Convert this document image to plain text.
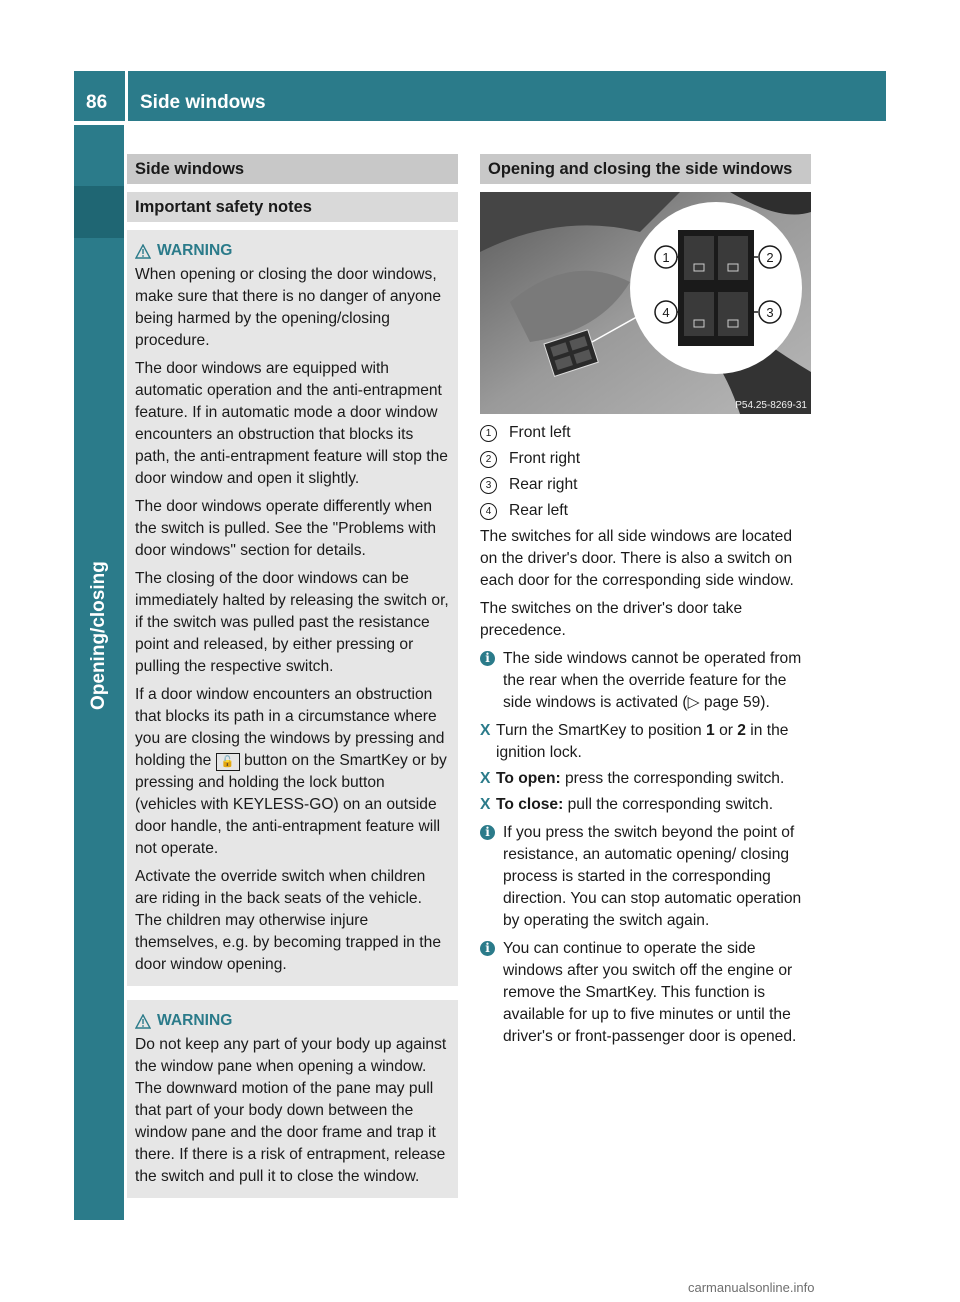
86 Side windows
Opening/closing
Side windows
Important safety notes
WARNING

When opening or closing the door windows, make sure that there is no danger of anyone being harmed by the opening/closing procedure.

The door windows are equipped with automatic operation and the anti-entrapment feature. If in automatic mode a door window encounters an obstruction that blocks its path, the anti-entrapment feature will stop the door window and open it slightly.

The door windows operate differently when the switch is pulled. See the "Problems with door windows" section for details.

The closing of the door windows can be immediately halted by releasing the switch or, if the switch was pulled past the resistance point and released, by either pressing or pulling the respective switch.

If a door window encounters an obstruction that blocks its path in a circumstance where you are closing the windows by pressing and holding the 🔓 button on the SmartKey or by pressing and holding the lock button (vehicles with KEYLESS-GO) on an outside door handle, the anti-entrapment feature will not operate.

Activate the override switch when children are riding in the back seats of the vehicle. The children may otherwise injure themselves, e.g. by becoming trapped in the door window opening.

WARNING

Do not keep any part of your body up against the window pane when opening a window. The downward motion of the pane may pull that part of your body down between the window pane and the door frame and trap it there. If there is a risk of entrapment, release the switch and pull it to close the window.

Opening and closing the side windows
1	2
3
4
P54.25-8269-31
1	Front left
2	Front right
3	Rear right
4	Rear left

The switches for all side windows are located on the driver's door. There is also a switch on each door for the corresponding side window.

The switches on the driver's door take precedence.

i The side windows cannot be operated from the rear when the override feature for the side windows is activated (▷ page 59).
X Turn the SmartKey to position 1 or 2 in the ignition lock.
X To open: press the corresponding switch.
X To close: pull the corresponding switch.
i If you press the switch beyond the point of resistance, an automatic opening/ closing process is started in the corresponding direction. You can stop automatic operation by operating the switch again.
i You can continue to operate the side windows after you switch off the engine or remove the SmartKey. This function is available for up to five minutes or until the driver's or front-passenger door is opened.
carmanualsonline.info
